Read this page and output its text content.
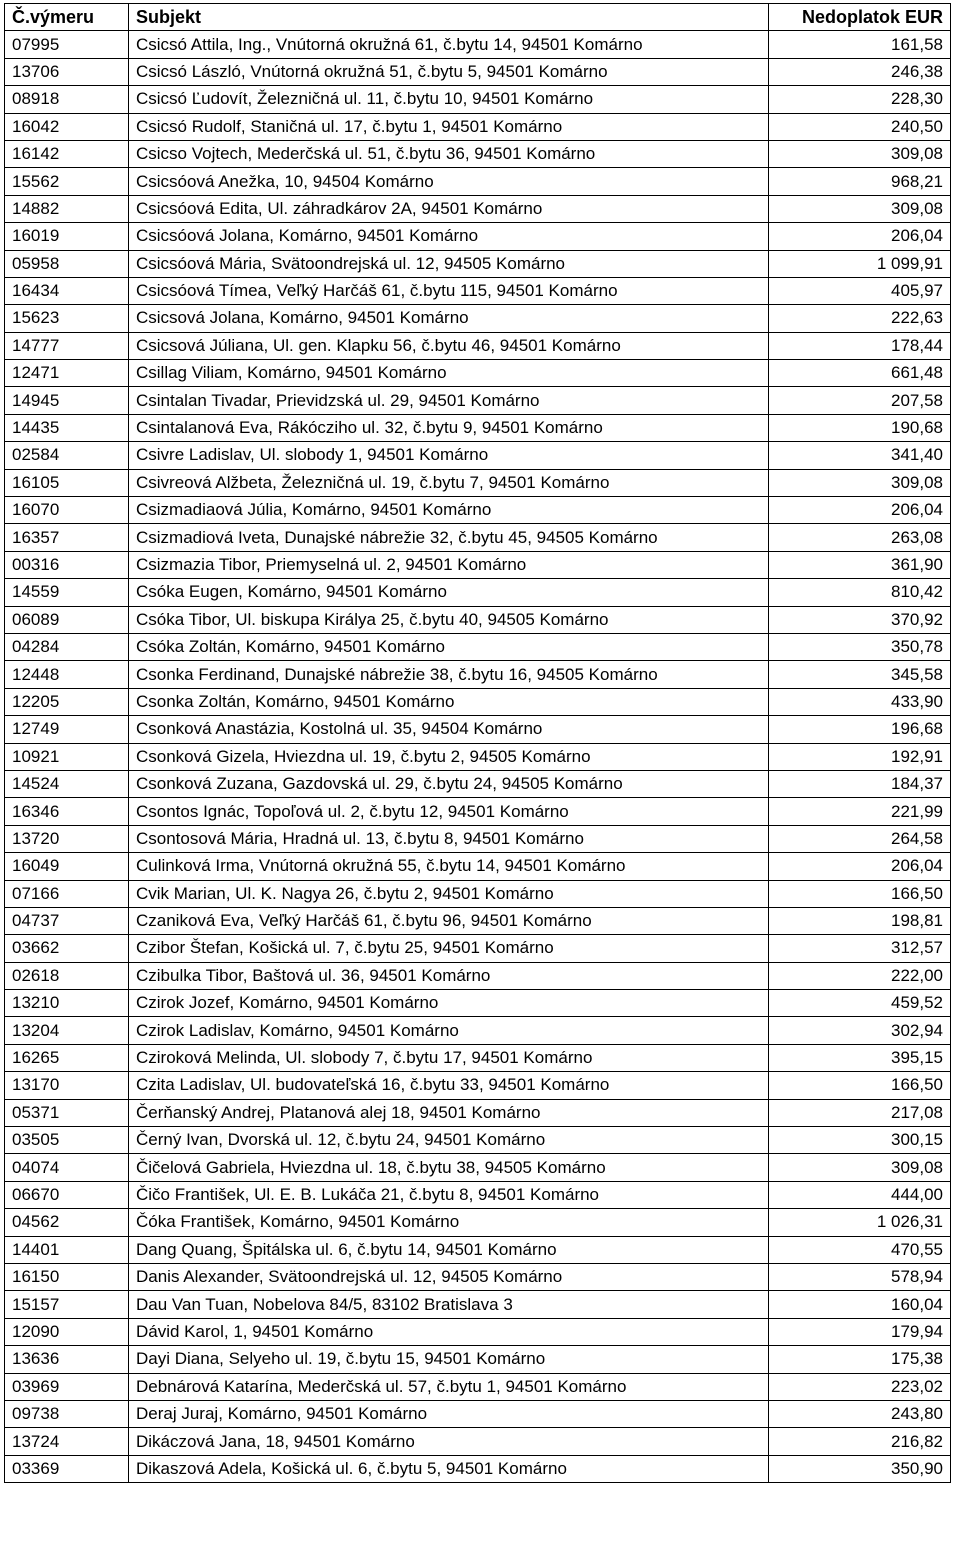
Č.výmeru	Subjekt	Nedoplatok EUR
07995	Csicsó Attila, Ing., Vnútorná okružná 61, č.bytu 14, 94501 Komárno	161,58
13706	Csicsó László, Vnútorná okružná 51, č.bytu 5, 94501 Komárno	246,38
08918	Csicsó Ľudovít, Železničná ul. 11, č.bytu 10, 94501 Komárno	228,30
16042	Csicsó Rudolf, Staničná ul. 17, č.bytu 1, 94501 Komárno	240,50
16142	Csicso Vojtech, Mederčská ul. 51, č.bytu 36, 94501 Komárno	309,08
15562	Csicsóová Anežka, 10, 94504 Komárno	968,21
14882	Csicsóová Edita, Ul. záhradkárov 2A, 94501 Komárno	309,08
16019	Csicsóová Jolana, Komárno, 94501 Komárno	206,04
05958	Csicsóová Mária, Svätoondrejská ul. 12, 94505 Komárno	1 099,91
16434	Csicsóová Tímea, Veľký Harčáš 61, č.bytu 115, 94501 Komárno	405,97
15623	Csicsová Jolana, Komárno, 94501 Komárno	222,63
14777	Csicsová Júliana, Ul. gen. Klapku 56, č.bytu 46, 94501 Komárno	178,44
12471	Csillag Viliam, Komárno, 94501 Komárno	661,48
14945	Csintalan Tivadar, Prievidzská ul. 29, 94501 Komárno	207,58
14435	Csintalanová Eva, Rákócziho ul. 32, č.bytu 9, 94501 Komárno	190,68
02584	Csivre Ladislav, Ul. slobody 1, 94501 Komárno	341,40
16105	Csivreová Alžbeta, Železničná ul. 19, č.bytu 7, 94501 Komárno	309,08
16070	Csizmadiaová Júlia, Komárno, 94501 Komárno	206,04
16357	Csizmadiová Iveta, Dunajské nábrežie 32, č.bytu 45, 94505 Komárno	263,08
00316	Csizmazia Tibor, Priemyselná ul. 2, 94501 Komárno	361,90
14559	Csóka Eugen, Komárno, 94501 Komárno	810,42
06089	Csóka Tibor, Ul. biskupa Királya 25, č.bytu 40, 94505 Komárno	370,92
04284	Csóka Zoltán, Komárno, 94501 Komárno	350,78
12448	Csonka Ferdinand, Dunajské nábrežie 38, č.bytu 16, 94505 Komárno	345,58
12205	Csonka Zoltán, Komárno, 94501 Komárno	433,90
12749	Csonková Anastázia, Kostolná ul. 35, 94504 Komárno	196,68
10921	Csonková Gizela, Hviezdna ul. 19, č.bytu 2, 94505 Komárno	192,91
14524	Csonková Zuzana, Gazdovská ul. 29, č.bytu 24, 94505 Komárno	184,37
16346	Csontos Ignác, Topoľová ul. 2, č.bytu 12, 94501 Komárno	221,99
13720	Csontosová Mária, Hradná ul. 13, č.bytu 8, 94501 Komárno	264,58
16049	Culinková Irma, Vnútorná okružná 55, č.bytu 14, 94501 Komárno	206,04
07166	Cvik Marian, Ul. K. Nagya 26, č.bytu 2, 94501 Komárno	166,50
04737	Czaniková Eva, Veľký Harčáš 61, č.bytu 96, 94501 Komárno	198,81
03662	Czibor Štefan, Košická ul. 7, č.bytu 25, 94501 Komárno	312,57
02618	Czibulka Tibor, Baštová ul. 36, 94501 Komárno	222,00
13210	Czirok Jozef, Komárno, 94501 Komárno	459,52
13204	Czirok Ladislav, Komárno, 94501 Komárno	302,94
16265	Cziroková Melinda, Ul. slobody 7, č.bytu 17, 94501 Komárno	395,15
13170	Czita Ladislav, Ul. budovateľská 16, č.bytu 33, 94501 Komárno	166,50
05371	Čerňanský Andrej, Platanová alej 18, 94501 Komárno	217,08
03505	Černý Ivan, Dvorská ul. 12, č.bytu 24, 94501 Komárno	300,15
04074	Čičelová Gabriela, Hviezdna ul. 18, č.bytu 38, 94505 Komárno	309,08
06670	Čičo František, Ul. E. B. Lukáča 21, č.bytu 8, 94501 Komárno	444,00
04562	Čóka František, Komárno, 94501 Komárno	1 026,31
14401	Dang Quang, Špitálska ul. 6, č.bytu 14, 94501 Komárno	470,55
16150	Danis Alexander, Svätoondrejská ul. 12, 94505 Komárno	578,94
15157	Dau Van Tuan, Nobelova 84/5, 83102 Bratislava 3	160,04
12090	Dávid Karol, 1, 94501 Komárno	179,94
13636	Dayi Diana, Selyeho ul. 19, č.bytu 15, 94501 Komárno	175,38
03969	Debnárová Katarína, Mederčská ul. 57, č.bytu 1, 94501 Komárno	223,02
09738	Deraj Juraj, Komárno, 94501 Komárno	243,80
13724	Dikáczová Jana, 18, 94501 Komárno	216,82
03369	Dikaszová Adela, Košická ul. 6, č.bytu 5, 94501 Komárno	350,90
